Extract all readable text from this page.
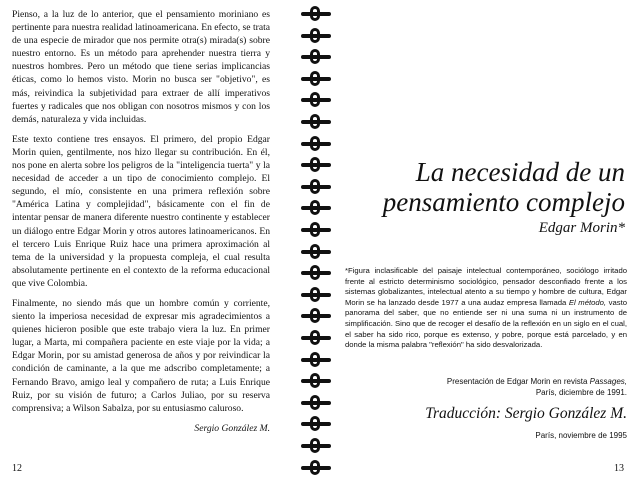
Pienso, a la luz de lo anterior, que el pensamiento moriniano es pertinente para nuestra realidad latinoamericana. En efecto, se trata de una especie de mirador que nos permite otra(s) mirada(s) sobre nuestro entorno. Es un método para aprehender nuestra tierra y nuestros hombres. Pero un método que tiene serias implicancias éticas, como lo hemos visto. Morin no busca ser "objetivo", es más, reivindica la subjetividad para extraer de allí imperativos fuertes y radicales que nos obligan con nosotros mismos y con los demás, naturaleza y vida incluidas.

Este texto contiene tres ensayos. El primero, del propio Edgar Morin quien, gentilmente, nos hizo llegar su contribución. En él, nos pone en alerta sobre los peligros de la "inteligencia tuerta" y la necesidad de acceder a un tipo de conocimiento complejo. El segundo, el mío, consistente en una primera reflexión sobre "América Latina y complejidad", básicamente con el fin de intentar pensar de manera diferente nuestro continente y establecer un diálogo entre Edgar Morin y otros autores latinoamericanos. En el tercero Luis Enrique Ruiz hace una primera aproximación al tema de la universidad y la propuesta compleja, el cual resulta absolutamente pertinente en el contexto de la reforma educacional que vive Colombia.

Finalmente, no siendo más que un hombre común y corriente, siento la imperiosa necesidad de expresar mis agradecimientos a quienes hicieron posible que este trabajo viera la luz. En primer lugar, a Marta, mi compañera paciente en este viaje por la vida; a Edgar Morin, por su amistad generosa de años y por reivindicar la condición de caminante, a la que me adscribo completamente; a Fernando Bravo, amigo leal y compañero de ruta; a Luis Enrique Ruiz, por su visión de futuro; a Carlos Juliao, por su reserva comprensiva; a Wilson Sabalza, por su entusiasmo caluroso.

Sergio González M.

12
La necesidad de un pensamiento complejo
Edgar Morin*
*Figura inclasificable del paisaje intelectual contemporáneo, sociólogo irritado frente al estricto determinismo sociológico, pensador desconfiado frente a los sistemas globalizantes, intelectual atento a su tiempo y hombre de cultura, Edgar Morin se ha lanzado desde 1977 a una audaz empresa llamada El método, vasto panorama del saber, que no entiende ser ni una suma ni un instrumento de simplificación. Sino que de recoger el desafío de la reflexión en un siglo en el cual, el saber ha sido rico, porque es extenso, y pobre, porque está parcelado, y en donde la misma palabra "reflexión" ha sido desvalorizada.
Presentación de Edgar Morin en revista Passages,
París, diciembre de 1991.
Traducción: Sergio González M.
París, noviembre de 1995
13
